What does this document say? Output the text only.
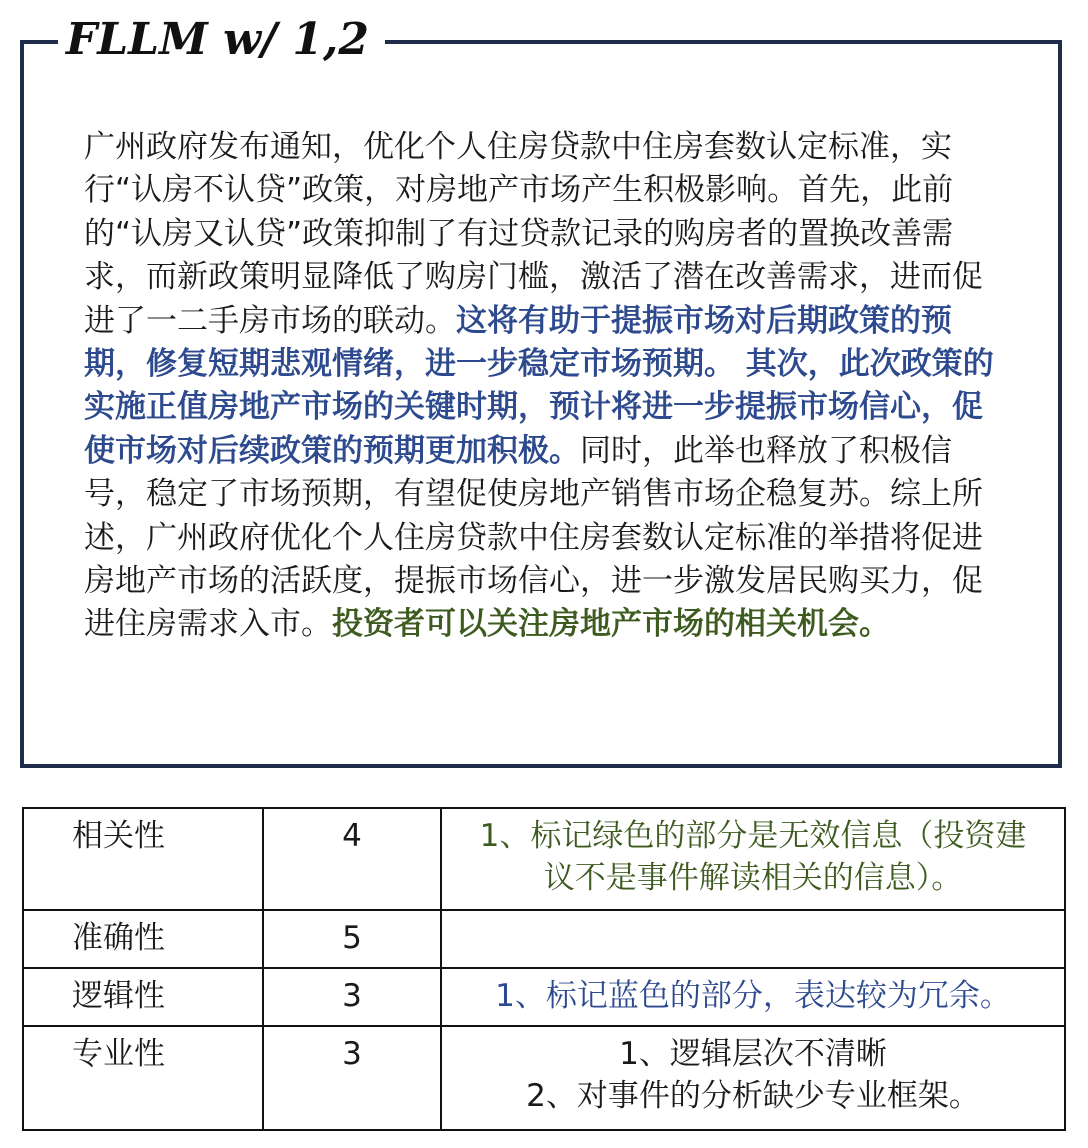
FLLM w/ 1,2
广州政府发布通知，优化个人住房贷款中住房套数认定标准，实行“认房不认贷”政策，对房地产市场产生积极影响。首先，此前的“认房又认贷”政策抑制了有过贷款记录的购房者的置换改善需求，而新政策明显降低了购房门槛，激活了潜在改善需求，进而促进了一二手房市场的联动。这将有助于提振市场对后期政策的预期，修复短期悲观情绪，进一步稳定市场预期。 其次，此次政策的实施正值房地产市场的关键时期，预计将进一步提振市场信心，促使市场对后续政策的预期更加积极。同时，此举也释放了积极信号，稳定了市场预期，有望促使房地产销售市场企稳复苏。综上所述，广州政府优化个人住房贷款中住房套数认定标准的举措将促进房地产市场的活跃度，提振市场信心，进一步激发居民购买力，促进住房需求入市。投资者可以关注房地产市场的相关机会。
相关性	4	1、标记绿色的部分是无效信息（投资建
议不是事件解读相关的信息）。

准确性	5	
逻辑性	3	1、标记蓝色的部分，表达较为冗余。

专业性	3	1、逻辑层次不清晰
2、对事件的分析缺少专业框架。
